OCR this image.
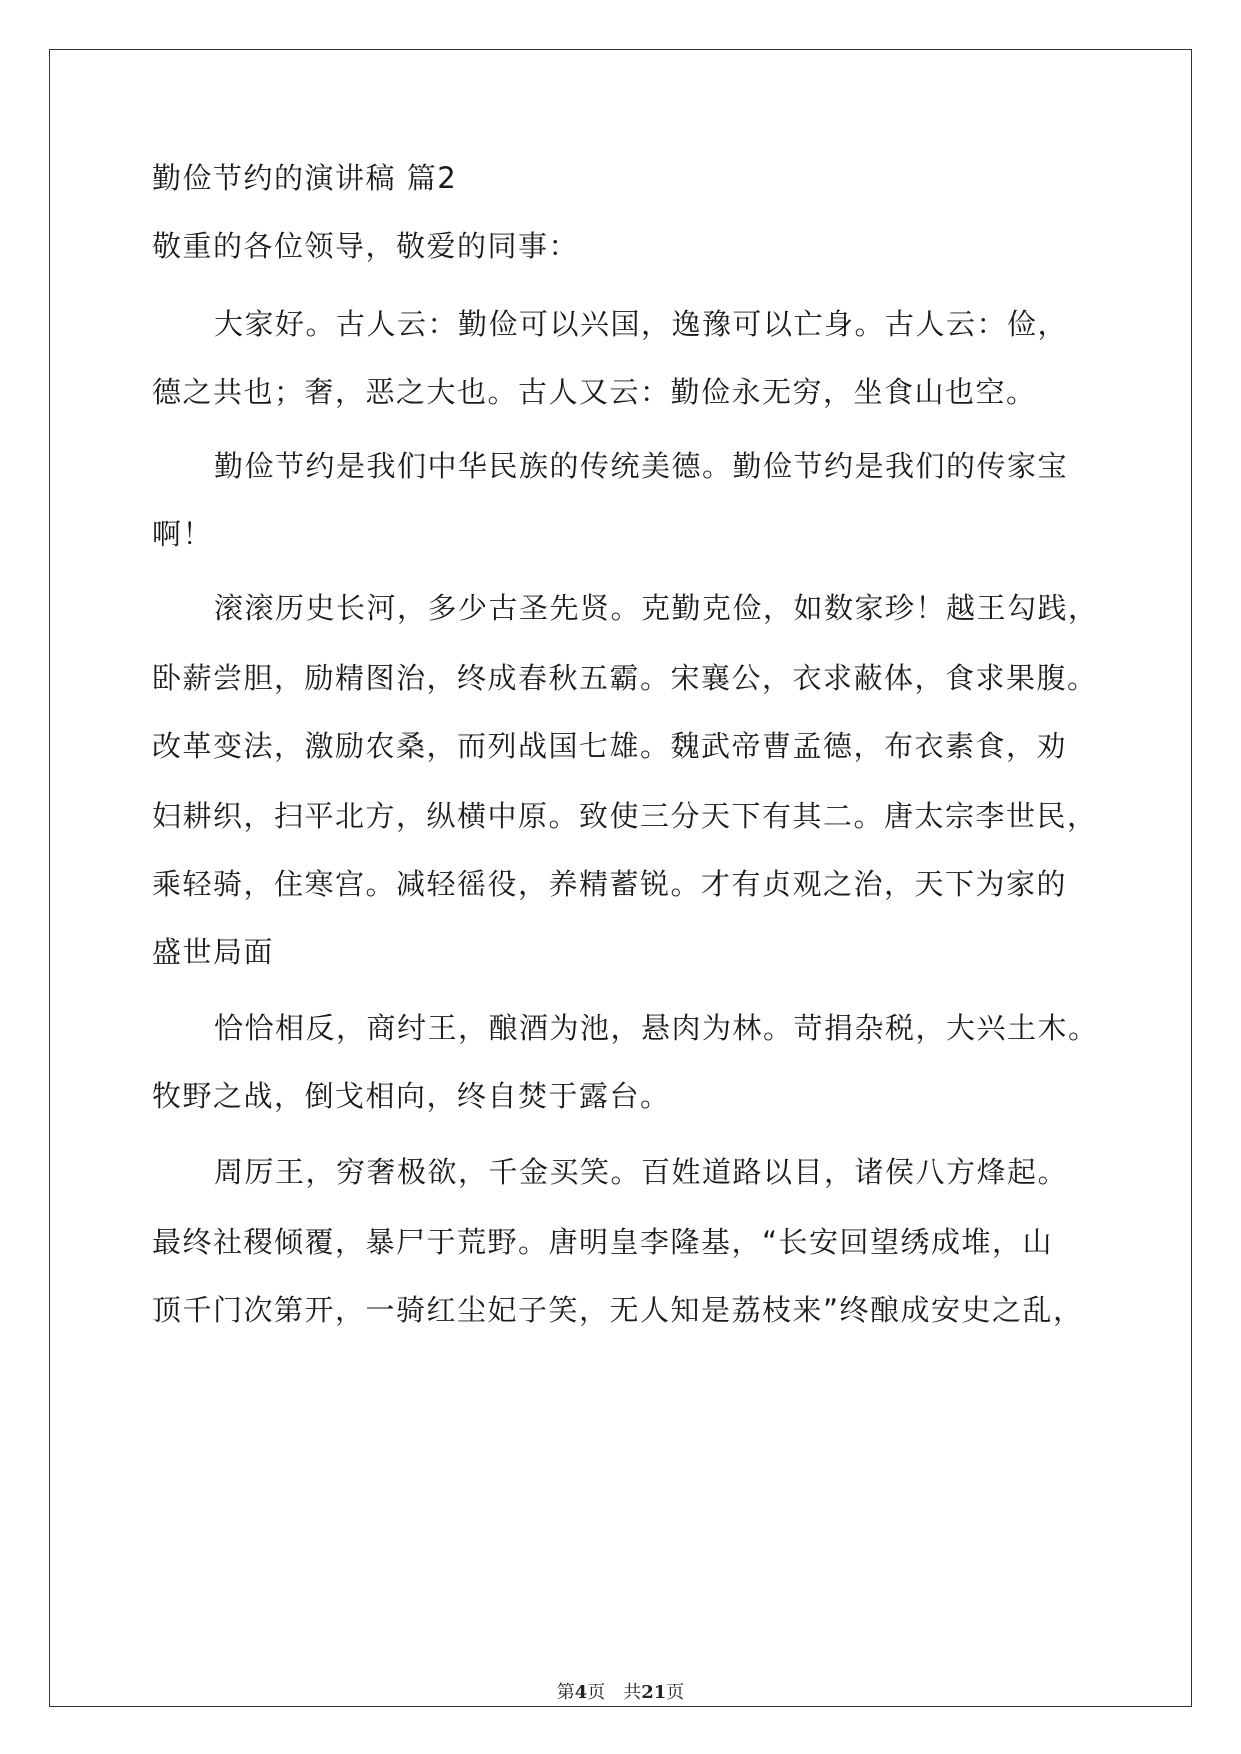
勤俭节约的演讲稿 篇2
敬重的各位领导，敬爱的同事：
大家好。古人云：勤俭可以兴国，逸豫可以亡身。古人云：俭，
德之共也；奢，恶之大也。古人又云：勤俭永无穷，坐食山也空。
勤俭节约是我们中华民族的传统美德。勤俭节约是我们的传家宝
啊！
滚滚历史长河，多少古圣先贤。克勤克俭，如数家珍！越王勾践，
卧薪尝胆，励精图治，终成春秋五霸。宋襄公，衣求蔽体，食求果腹。
改革变法，激励农桑，而列战国七雄。魏武帝曹孟德，布衣素食，劝
妇耕织，扫平北方，纵横中原。致使三分天下有其二。唐太宗李世民，
乘轻骑，住寒宫。减轻徭役，养精蓄锐。才有贞观之治，天下为家的
盛世局面
恰恰相反，商纣王，酿酒为池，悬肉为林。苛捐杂税，大兴土木。
牧野之战，倒戈相向，终自焚于露台。
周厉王，穷奢极欲，千金买笑。百姓道路以目，诸侯八方烽起。
最终社稷倾覆，暴尸于荒野。唐明皇李隆基，“长安回望绣成堆，山
顶千门次第开，一骑红尘妃子笑，无人知是荔枝来”终酿成安史之乱，
第4页 共21页
